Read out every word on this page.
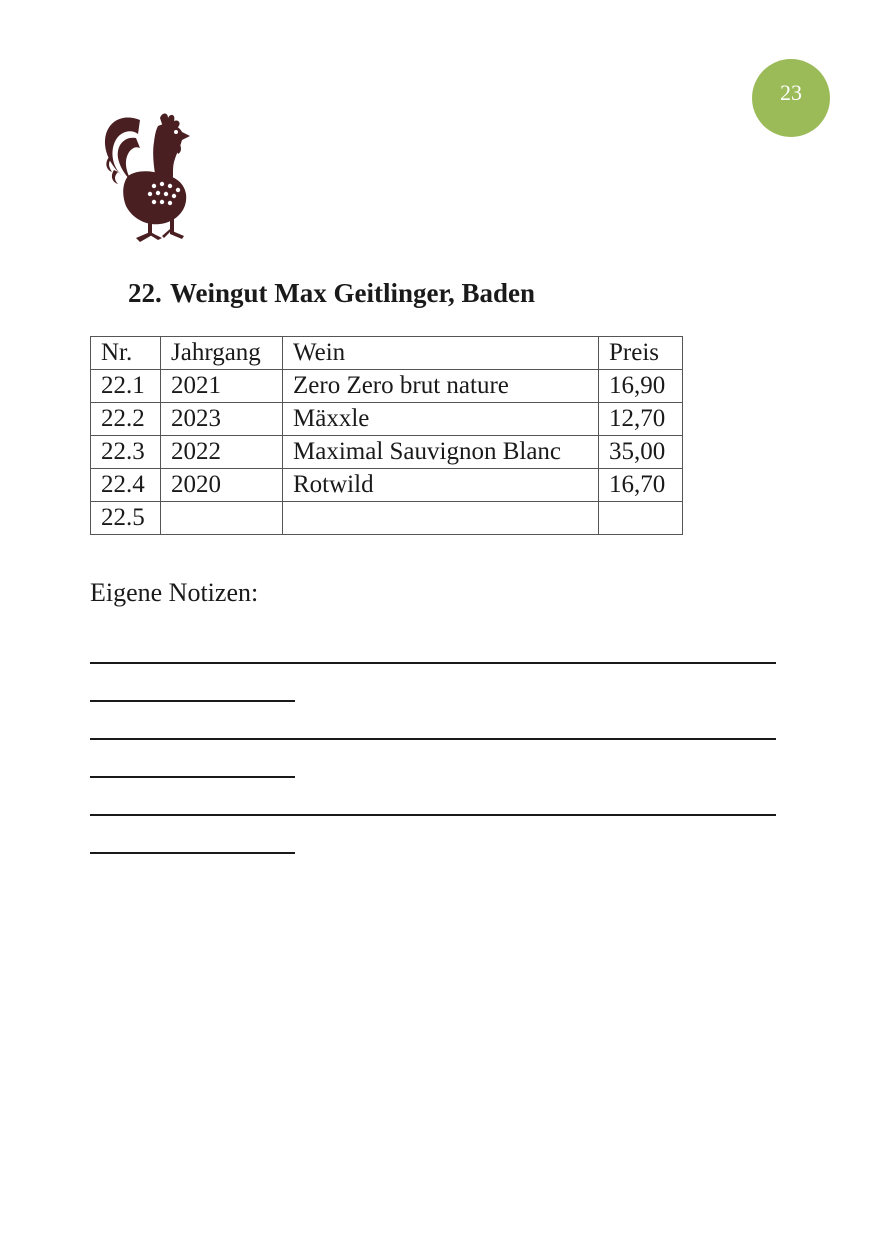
23
22. Weingut Max Geitlinger, Baden
Nr.	Jahrgang	Wein	Preis
22.1	2021	Zero Zero brut nature	16,90
22.2	2023	Mäxxle	12,70
22.3	2022	Maximal Sauvignon Blanc	35,00
22.4	2020	Rotwild	16,70
22.5			
Eigene Notizen:
